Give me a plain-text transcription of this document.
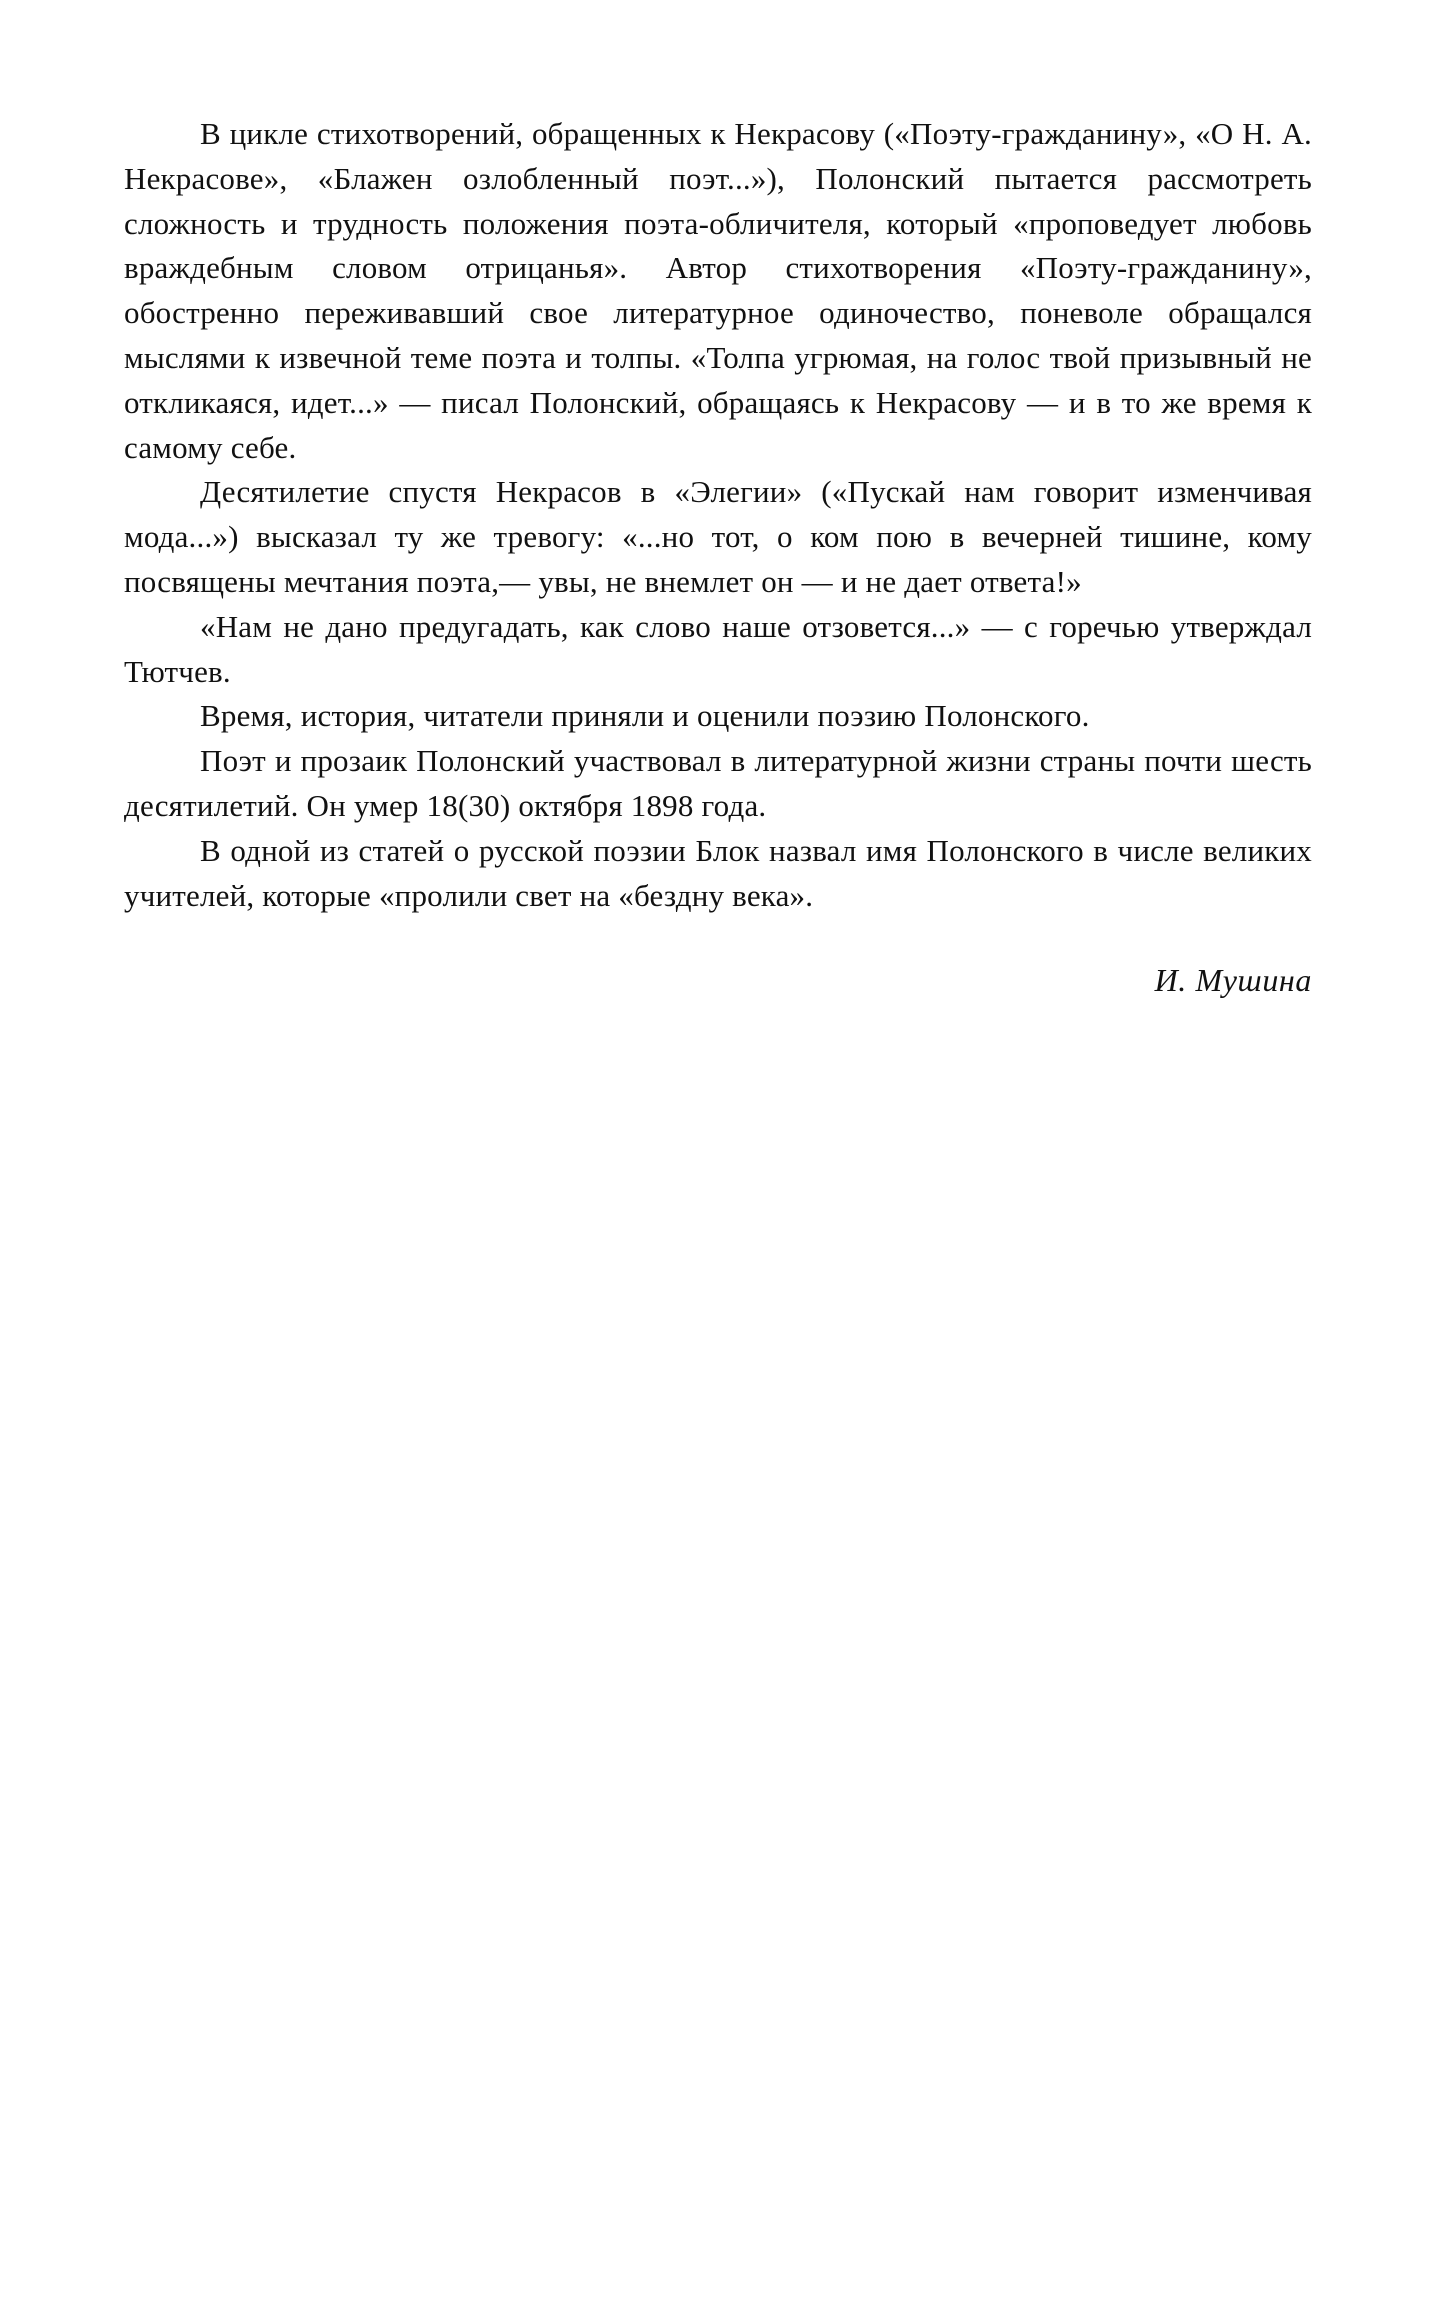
В цикле стихотворений, обращенных к Некрасову («Поэту-гражданину», «О Н. А. Некрасове», «Блажен озлобленный поэт...»), Полонский пытается рассмотреть сложность и трудность положения поэта-обличителя, который «проповедует любовь враждебным словом отрицанья». Автор стихотворения «Поэту-гражданину», обостренно переживавший свое литературное одиночество, поневоле обращался мыслями к извечной теме поэта и толпы. «Толпа угрюмая, на голос твой призывный не откликаяся, идет...» — писал Полонский, обращаясь к Некрасову — и в то же время к самому себе.

Десятилетие спустя Некрасов в «Элегии» («Пускай нам говорит изменчивая мода...») высказал ту же тревогу: «...но тот, о ком пою в вечерней тишине, кому посвящены мечтания поэта,— увы, не внемлет он — и не дает ответа!»

«Нам не дано предугадать, как слово наше отзовется...» — с горечью утверждал Тютчев.

Время, история, читатели приняли и оценили поэзию Полонского.

Поэт и прозаик Полонский участвовал в литературной жизни страны почти шесть десятилетий. Он умер 18(30) октября 1898 года.

В одной из статей о русской поэзии Блок назвал имя Полонского в числе великих учителей, которые «пролили свет на «бездну века».

И. Мушина
